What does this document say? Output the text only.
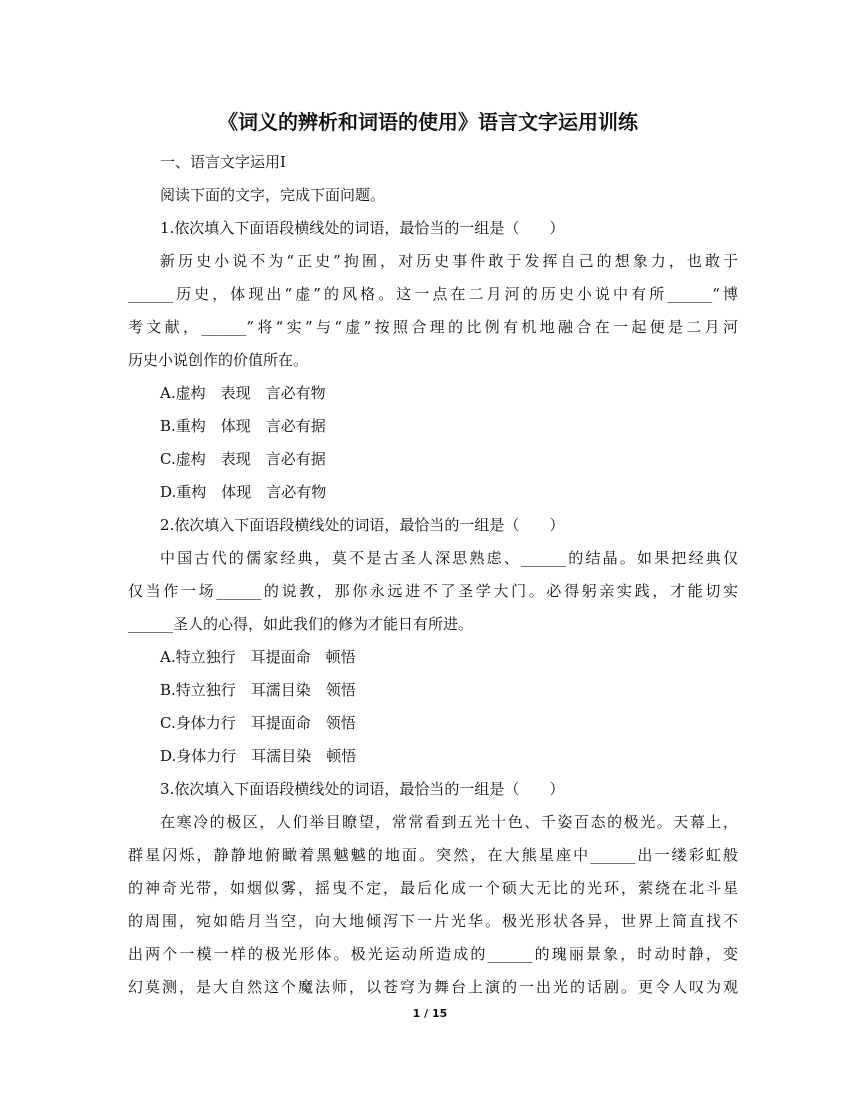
《词义的辨析和词语的使用》语言文字运用训练
一、语言文字运用Ⅰ
阅读下面的文字，完成下面问题。
1.依次填入下面语段横线处的词语，最恰当的一组是（　　）
新历史小说不为“正史”拘囿，对历史事件敢于发挥自己的想象力，也敢于
______历史，体现出“虚”的风格。这一点在二月河的历史小说中有所______“博
考文献，______”将“实”与“虚”按照合理的比例有机地融合在一起便是二月河
历史小说创作的价值所在。
A.虚构　表现　言必有物
B.重构　体现　言必有据
C.虚构　表现　言必有据
D.重构　体现　言必有物
2.依次填入下面语段横线处的词语，最恰当的一组是（　　）
中国古代的儒家经典，莫不是古圣人深思熟虑、______的结晶。如果把经典仅
仅当作一场______的说教，那你永远进不了圣学大门。必得躬亲实践，才能切实
______圣人的心得，如此我们的修为才能日有所进。
A.特立独行　耳提面命　顿悟
B.特立独行　耳濡目染　领悟
C.身体力行　耳提面命　领悟
D.身体力行　耳濡目染　顿悟
3.依次填入下面语段横线处的词语，最恰当的一组是（　　）
在寒冷的极区，人们举目瞭望，常常看到五光十色、千姿百态的极光。天幕上，
群星闪烁，静静地俯瞰着黑魆魆的地面。突然，在大熊星座中______出一缕彩虹般
的神奇光带，如烟似雾，摇曳不定，最后化成一个硕大无比的光环，萦绕在北斗星
的周围，宛如皓月当空，向大地倾泻下一片光华。极光形状各异，世界上简直找不
出两个一模一样的极光形体。极光运动所造成的______的瑰丽景象，时动时静，变
幻莫测，是大自然这个魔法师，以苍穹为舞台上演的一出光的话剧。更令人叹为观
1 / 15
